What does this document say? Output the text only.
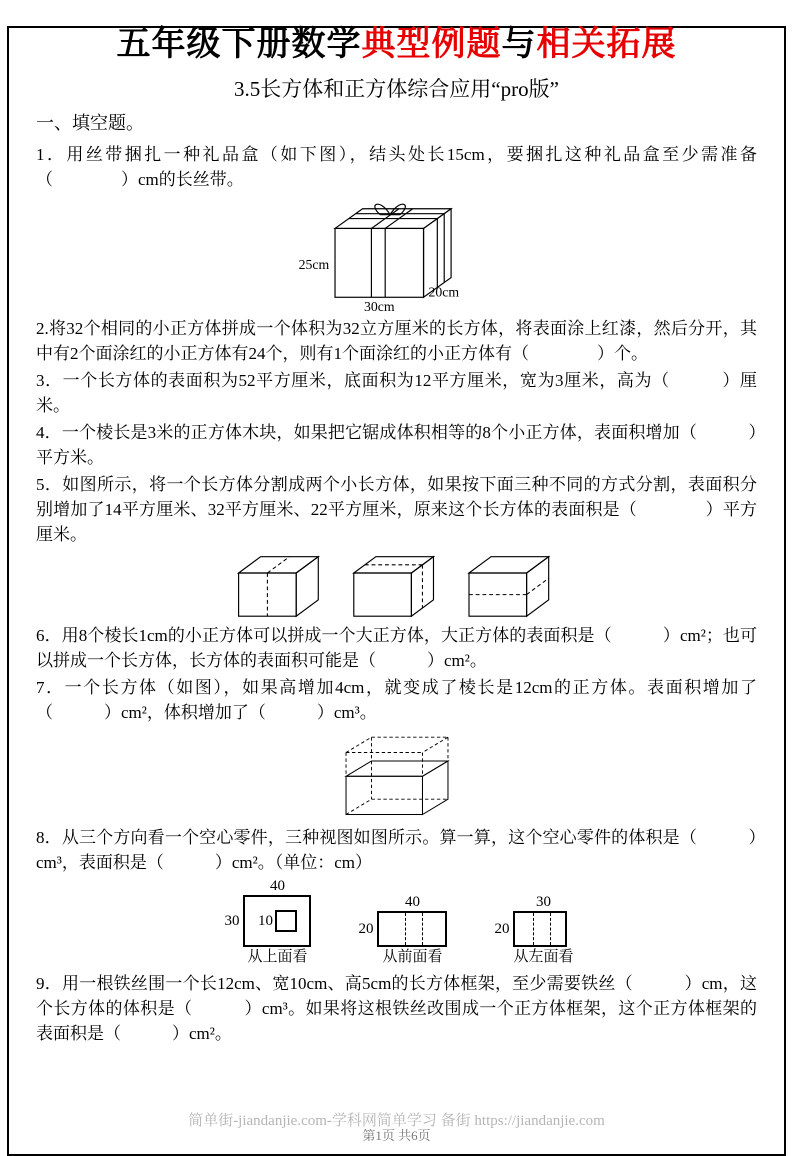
五年级下册数学典型例题与相关拓展
3.5长方体和正方体综合应用“pro版”
一、填空题。

1．用丝带捆扎一种礼品盒（如下图），结头处长15cm，要捆扎这种礼品盒至少需准备（　　　　）cm的长丝带。

25cm
30cm
20cm

2.将32个相同的小正方体拼成一个体积为32立方厘米的长方体，将表面涂上红漆，然后分开，其中有2个面涂红的小正方体有24个，则有1个面涂红的小正方体有（　　　　）个。

3．一个长方体的表面积为52平方厘米，底面积为12平方厘米，宽为3厘米，高为（　　　）厘米。

4．一个棱长是3米的正方体木块，如果把它锯成体积相等的8个小正方体，表面积增加（　　　）平方米。

5．如图所示，将一个长方体分割成两个小长方体，如果按下面三种不同的方式分割，表面积分别增加了14平方厘米、32平方厘米、22平方厘米，原来这个长方体的表面积是（　　　　）平方厘米。

6．用8个棱长1cm的小正方体可以拼成一个大正方体，大正方体的表面积是（　　　）cm²；也可以拼成一个长方体，长方体的表面积可能是（　　　）cm²。

7．一个长方体（如图），如果高增加4cm，就变成了棱长是12cm的正方体。表面积增加了（　　　）cm²，体积增加了（　　　）cm³。

8．从三个方向看一个空心零件，三种视图如图所示。算一算，这个空心零件的体积是（　　　）cm³，表面积是（　　　）cm²。（单位：cm）

40
30 10
从上面看
40
20
从前面看
30
20
从左面看

9．用一根铁丝围一个长12cm、宽10cm、高5cm的长方体框架，至少需要铁丝（　　　）cm，这个长方体的体积是（　　　）cm³。如果将这根铁丝改围成一个正方体框架，这个正方体框架的表面积是（　　　）cm²。

简单街-jiandanjie.com-学科网简单学习 备街 https://jiandanjie.com
第1页 共6页
